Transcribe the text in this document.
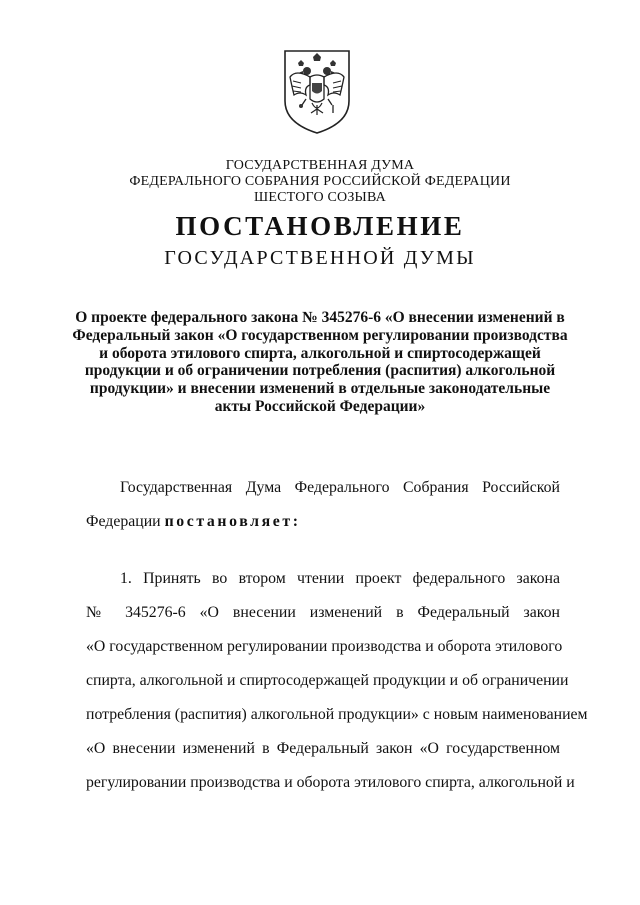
ГОСУДАРСТВЕННАЯ ДУМА
ФЕДЕРАЛЬНОГО СОБРАНИЯ РОССИЙСКОЙ ФЕДЕРАЦИИ
ШЕСТОГО СОЗЫВА
ПОСТАНОВЛЕНИЕ
ГОСУДАРСТВЕННОЙ ДУМЫ
О проекте федерального закона № 345276-6 «О внесении изменений в
Федеральный закон «О государственном регулировании производства
и оборота этилового спирта, алкогольной и спиртосодержащей
продукции и об ограничении потребления (распития) алкогольной
продукции» и внесении изменений в отдельные законодательные
акты Российской Федерации»
Государственная Дума Федерального Собрания Российской
Федерации постановляет:
1. Принять во втором чтении проект федерального закона
№ 345276-6 «О внесении изменений в Федеральный закон
«О государственном регулировании производства и оборота этилового
спирта, алкогольной и спиртосодержащей продукции и об ограничении
потребления (распития) алкогольной продукции» с новым наименованием
«О внесении изменений в Федеральный закон «О государственном
регулировании производства и оборота этилового спирта, алкогольной и
